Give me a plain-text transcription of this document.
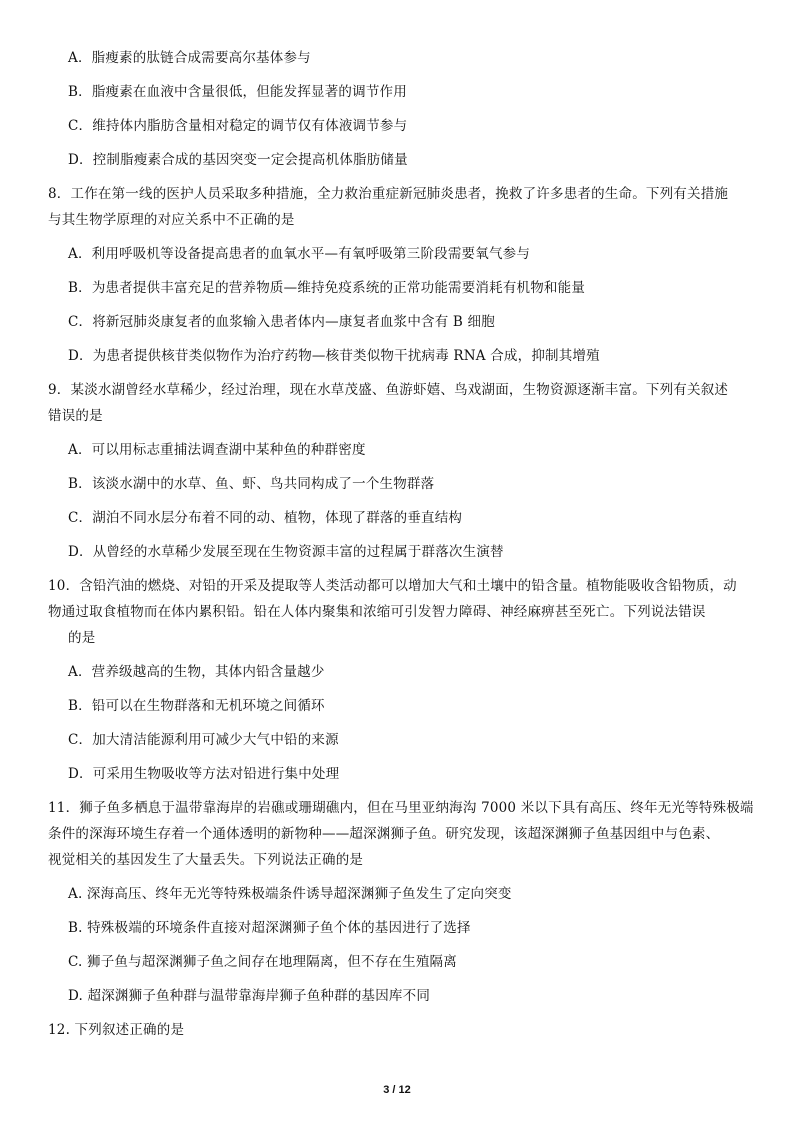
A．脂瘦素的肽链合成需要高尔基体参与
B．脂瘦素在血液中含量很低，但能发挥显著的调节作用
C．维持体内脂肪含量相对稳定的调节仅有体液调节参与
D．控制脂瘦素合成的基因突变一定会提高机体脂肪储量
8．工作在第一线的医护人员采取多种措施，全力救治重症新冠肺炎患者，挽救了许多患者的生命。下列有关措施
与其生物学原理的对应关系中不正确的是
A．利用呼吸机等设备提高患者的血氧水平—有氧呼吸第三阶段需要氧气参与
B．为患者提供丰富充足的营养物质—维持免疫系统的正常功能需要消耗有机物和能量
C．将新冠肺炎康复者的血浆输入患者体内—康复者血浆中含有 B 细胞
D．为患者提供核苷类似物作为治疗药物—核苷类似物干扰病毒 RNA 合成，抑制其增殖
9．某淡水湖曾经水草稀少，经过治理，现在水草茂盛、鱼游虾嬉、鸟戏湖面，生物资源逐渐丰富。下列有关叙述
错误的是
A．可以用标志重捕法调查湖中某种鱼的种群密度
B．该淡水湖中的水草、鱼、虾、鸟共同构成了一个生物群落
C．湖泊不同水层分布着不同的动、植物，体现了群落的垂直结构
D．从曾经的水草稀少发展至现在生物资源丰富的过程属于群落次生演替
10．含铅汽油的燃烧、对铅的开采及提取等人类活动都可以增加大气和土壤中的铅含量。植物能吸收含铅物质，动
物通过取食植物而在体内累积铅。铅在人体内聚集和浓缩可引发智力障碍、神经麻痹甚至死亡。下列说法错误
的是
A．营养级越高的生物，其体内铅含量越少
B．铅可以在生物群落和无机环境之间循环
C．加大清洁能源利用可减少大气中铅的来源
D．可采用生物吸收等方法对铅进行集中处理
11．狮子鱼多栖息于温带靠海岸的岩礁或珊瑚礁内，但在马里亚纳海沟 7000 米以下具有高压、终年无光等特殊极端
条件的深海环境生存着一个通体透明的新物种——超深渊狮子鱼。研究发现，该超深渊狮子鱼基因组中与色素、
视觉相关的基因发生了大量丢失。下列说法正确的是
A. 深海高压、终年无光等特殊极端条件诱导超深渊狮子鱼发生了定向突变
B. 特殊极端的环境条件直接对超深渊狮子鱼个体的基因进行了选择
C. 狮子鱼与超深渊狮子鱼之间存在地理隔离，但不存在生殖隔离
D. 超深渊狮子鱼种群与温带靠海岸狮子鱼种群的基因库不同
12. 下列叙述正确的是
3 / 12
